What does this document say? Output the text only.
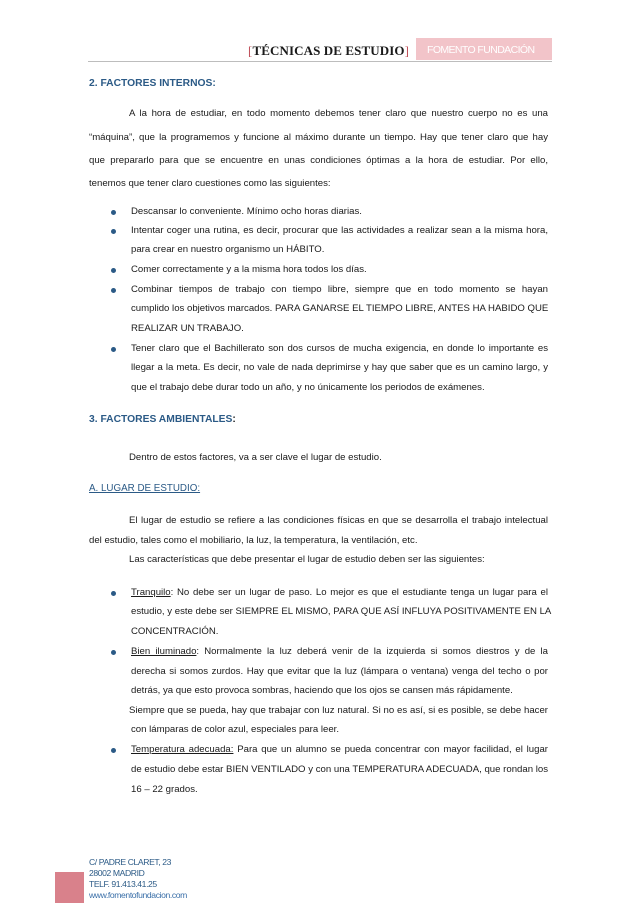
[TÉCNICAS DE ESTUDIO] FOMENTO FUNDACIÓN
2. FACTORES INTERNOS:
A la hora de estudiar, en todo momento debemos tener claro que nuestro cuerpo no es una
“máquina”, que la programemos y funcione al máximo durante un tiempo. Hay que tener claro que hay
que prepararlo para que se encuentre en unas condiciones óptimas a la hora de estudiar. Por ello,
tenemos que tener claro cuestiones como las siguientes:
Descansar lo conveniente. Mínimo ocho horas diarias.
Intentar coger una rutina, es decir, procurar que las actividades a realizar sean a la misma hora,
para crear en nuestro organismo un HÁBITO.
Comer correctamente y a la misma hora todos los días.
Combinar tiempos de trabajo con tiempo libre, siempre que en todo momento se hayan
cumplido los objetivos marcados. PARA GANARSE EL TIEMPO LIBRE, ANTES HA HABIDO QUE
REALIZAR UN TRABAJO.
Tener claro que el Bachillerato son dos cursos de mucha exigencia, en donde lo importante es
llegar a la meta. Es decir, no vale de nada deprimirse y hay que saber que es un camino largo, y
que el trabajo debe durar todo un año, y no únicamente los periodos de exámenes.
3. FACTORES AMBIENTALES:
Dentro de estos factores, va a ser clave el lugar de estudio.
A. LUGAR DE ESTUDIO:
El lugar de estudio se refiere a las condiciones físicas en que se desarrolla el trabajo intelectual
del estudio, tales como el mobiliario, la luz, la temperatura, la ventilación, etc.
Las características que debe presentar el lugar de estudio deben ser las siguientes:
Tranquilo: No debe ser un lugar de paso. Lo mejor es que el estudiante tenga un lugar para el
estudio, y este debe ser SIEMPRE EL MISMO, PARA QUE ASÍ INFLUYA POSITIVAMENTE EN LA
CONCENTRACIÓN.
Bien iluminado: Normalmente la luz deberá venir de la izquierda si somos diestros y de la
derecha si somos zurdos. Hay que evitar que la luz (lámpara o ventana) venga del techo o por
detrás, ya que esto provoca sombras, haciendo que los ojos se cansen más rápidamente.
Siempre que se pueda, hay que trabajar con luz natural. Si no es así, si es posible, se debe hacer
con lámparas de color azul, especiales para leer.
Temperatura adecuada: Para que un alumno se pueda concentrar con mayor facilidad, el lugar
de estudio debe estar BIEN VENTILADO y con una TEMPERATURA ADECUADA, que rondan los
16 – 22 grados.
C/ PADRE CLARET, 23
28002 MADRID
TELF. 91.413.41.25
www.fomentofundacion.com
